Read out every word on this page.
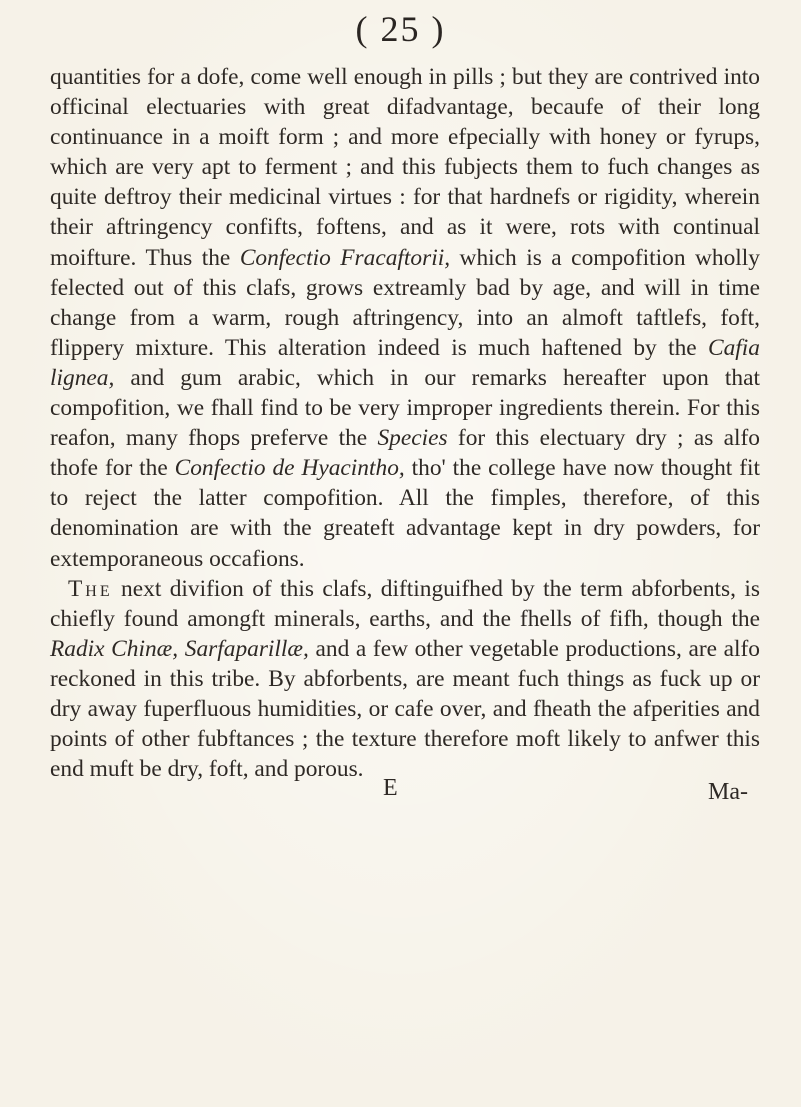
( 25 )

quantities for a dofe, come well enough in pills ; but they are contrived into officinal electuaries with great difadvantage, becaufe of their long continuance in a moift form ; and more efpecially with honey or fyrups, which are very apt to ferment ; and this fubjects them to fuch changes as quite deftroy their medicinal virtues : for that hardnefs or rigidity, wherein their aftringency confifts, foftens, and as it were, rots with continual moifture. Thus the Confectio Fracaftorii, which is a compofition wholly felected out of this clafs, grows extreamly bad by age, and will in time change from a warm, rough aftringency, into an almoft taftlefs, foft, flippery mixture. This alteration indeed is much haftened by the Cafia lignea, and gum arabic, which in our remarks hereafter upon that compofition, we fhall find to be very improper ingredients therein. For this reafon, many fhops preferve the Species for this electuary dry ; as alfo thofe for the Confectio de Hyacintho, tho' the college have now thought fit to reject the latter compofition. All the fimples, therefore, of this denomination are with the greateft advantage kept in dry powders, for extemporaneous occafions.

The next divifion of this clafs, diftinguifhed by the term abforbents, is chiefly found amongft minerals, earths, and the fhells of fifh, though the Radix Chinæ, Sarfaparillæ, and a few other vegetable productions, are alfo reckoned in this tribe. By abforbents, are meant fuch things as fuck up or dry away fuperfluous humidities, or cafe over, and fheath the afperities and points of other fubftances ; the texture therefore moft likely to anfwer this end muft be dry, foft, and porous.

E	Ma-
